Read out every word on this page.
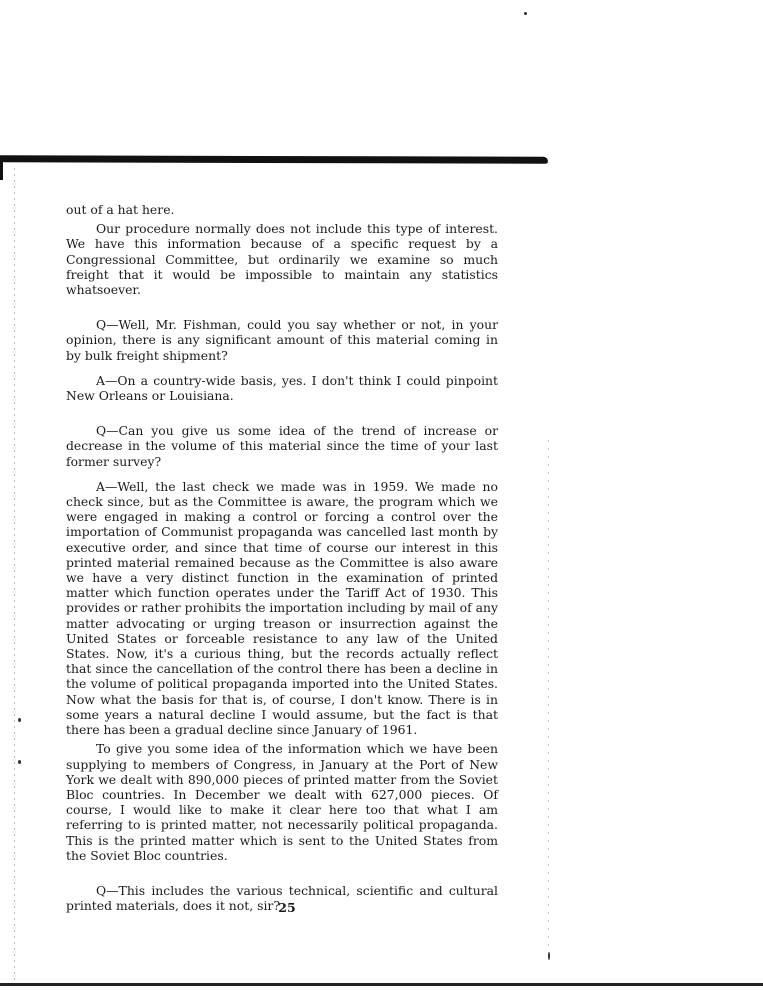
out of a hat here.

Our procedure normally does not include this type of interest. We have this information because of a specific request by a Congressional Committee, but ordinarily we examine so much freight that it would be impossible to maintain any statistics whatsoever.

Q—Well, Mr. Fishman, could you say whether or not, in your opinion, there is any significant amount of this material coming in by bulk freight shipment?

A—On a country-wide basis, yes. I don't think I could pinpoint New Orleans or Louisiana.

Q—Can you give us some idea of the trend of increase or decrease in the volume of this material since the time of your last former survey?

A—Well, the last check we made was in 1959. We made no check since, but as the Committee is aware, the program which we were engaged in making a control or forcing a control over the importation of Communist propaganda was cancelled last month by executive order, and since that time of course our interest in this printed material remained because as the Committee is also aware we have a very distinct function in the examination of printed matter which function operates under the Tariff Act of 1930. This provides or rather prohibits the importation including by mail of any matter advocating or urging treason or insurrection against the United States or forceable resistance to any law of the United States. Now, it's a curious thing, but the records actually reflect that since the cancellation of the control there has been a decline in the volume of political propaganda imported into the United States. Now what the basis for that is, of course, I don't know. There is in some years a natural decline I would assume, but the fact is that there has been a gradual decline since January of 1961.

To give you some idea of the information which we have been supplying to members of Congress, in January at the Port of New York we dealt with 890,000 pieces of printed matter from the Soviet Bloc countries. In December we dealt with 627,000 pieces. Of course, I would like to make it clear here too that what I am referring to is printed matter, not necessarily political propaganda. This is the printed matter which is sent to the United States from the Soviet Bloc countries.

Q—This includes the various technical, scientific and cultural printed materials, does it not, sir?

25
